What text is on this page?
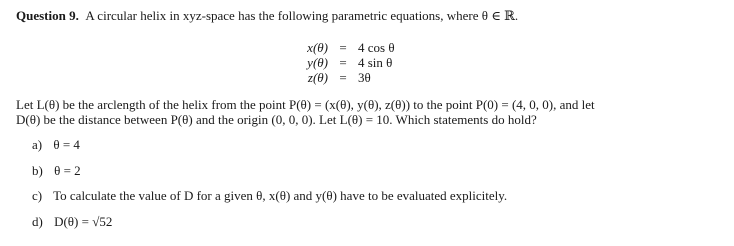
Question 9. A circular helix in xyz-space has the following parametric equations, where θ ∈ ℝ.
x(θ) = 4 cos θ
y(θ) = 4 sin θ
z(θ) = 3θ
Let L(θ) be the arclength of the helix from the point P(θ) = (x(θ), y(θ), z(θ)) to the point P(0) = (4, 0, 0), and let
D(θ) be the distance between P(θ) and the origin (0, 0, 0). Let L(θ) = 10. Which statements do hold?
a) θ = 4
b) θ = 2
c) To calculate the value of D for a given θ, x(θ) and y(θ) have to be evaluated explicitely.
d) D(θ) = √52
